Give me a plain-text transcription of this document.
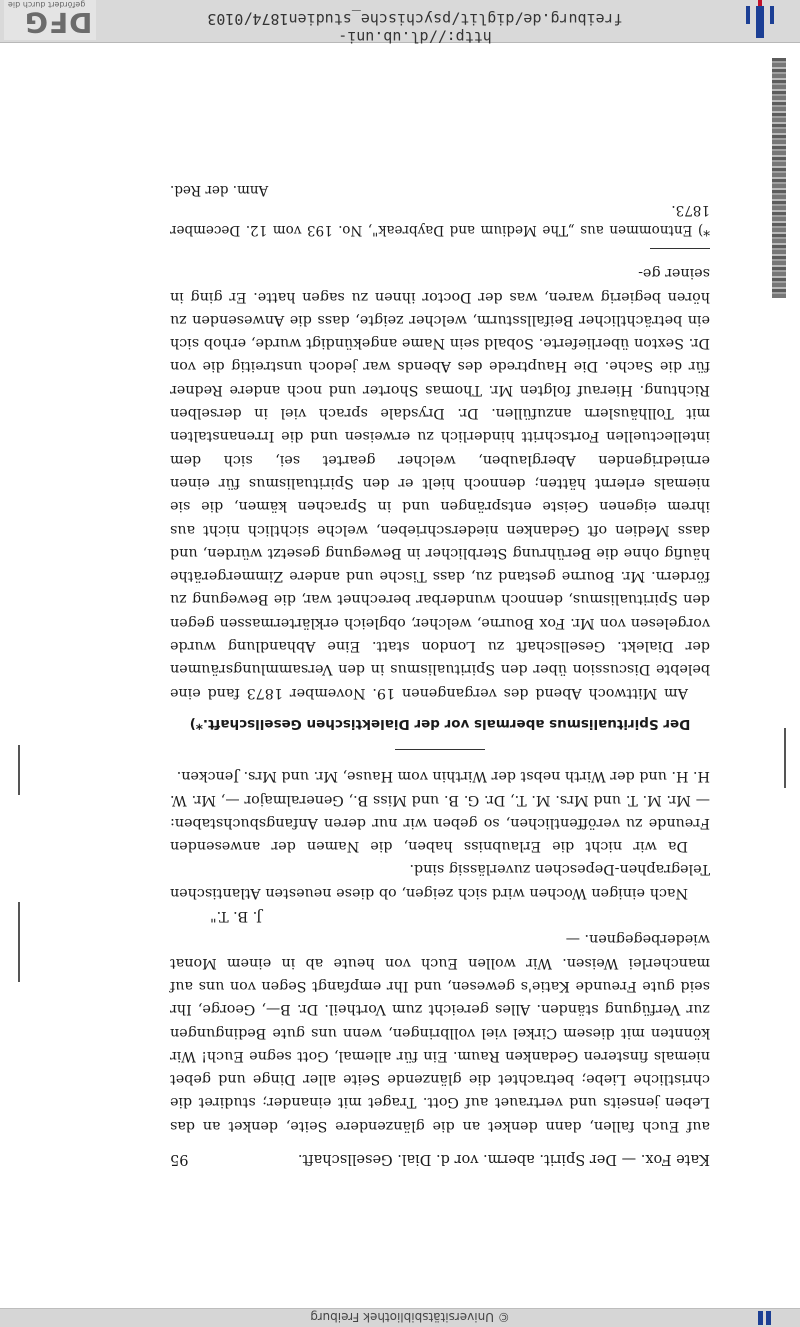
DFG
gefördert durch die
http://dl.ub.uni-freiburg.de/diglit/psychische_studien1874/0103
Kate Fox. — Der Spirit. aberm. vor d. Dial. Gesellschaft.
95
auf Euch fallen, dann denket an die glänzendere Seite, denket an das Leben jenseits und vertrauet auf Gott. Traget mit einander; studiret die christliche Liebe; betrachtet die glänzende Seite aller Dinge und gebet niemals finsteren Gedanken Raum. Ein für allemal, Gott segne Euch! Wir könnten mit diesem Cirkel viel vollbringen, wenn uns gute Bedingungen zur Verfügung ständen. Alles gereicht zum Vortheil. Dr. B—, George, Ihr seid gute Freunde Katie's gewesen, und Ihr empfangt Segen von uns auf mancherlei Weisen. Wir wollen Euch von heute ab in einem Monat wiederbegegnen. —
J. B. T."
Nach einigen Wochen wird sich zeigen, ob diese neuesten Atlantischen Telegraphen-Depeschen zuverlässig sind.
Da wir nicht die Erlaubniss haben, die Namen der anwesenden Freunde zu veröffentlichen, so geben wir nur deren Anfangsbuchstaben: — Mr. M. T. und Mrs. M. T., Dr. G. B. und Miss B., Generalmajor —, Mr. W. H. H. und der Wirth nebst der Wirthin vom Hause, Mr. und Mrs. Jencken.
Der Spiritualismus abermals vor der Dialektischen Gesellschaft.*)
Am Mittwoch Abend des vergangenen 19. November 1873 fand eine belebte Discussion über den Spiritualismus in den Versammlungsräumen der Dialekt. Gesellschaft zu London statt. Eine Abhandlung wurde vorgelesen von Mr. Fox Bourne, welcher, obgleich erklärtermassen gegen den Spiritualismus, dennoch wunderbar berechnet war, die Bewegung zu fördern. Mr. Bourne gestand zu, dass Tische und andere Zimmergeräthe häufig ohne die Berührung Sterblicher in Bewegung gesetzt würden, und dass Medien oft Gedanken niederschrieben, welche sichtlich nicht aus ihrem eigenen Geiste entsprängen und in Sprachen kämen, die sie niemals erlernt hätten; dennoch hielt er den Spiritualismus für einen erniedrigenden Aberglauben, welcher geartet sei, sich dem intellectuellen Fortschritt hinderlich zu erweisen und die Irrenanstalten mit Tollhäuslern anzufüllen. Dr. Drysdale sprach viel in derselben Richtung. Hierauf folgten Mr. Thomas Shorter und noch andere Redner für die Sache. Die Hauptrede des Abends war jedoch unstreitig die von Dr. Sexton überlieferte. Sobald sein Name angekündigt wurde, erhob sich ein beträchtlicher Beifallssturm, welcher zeigte, dass die Anwesenden zu hören begierig waren, was der Doctor ihnen zu sagen hatte. Er ging in seiner ge-
*) Entnommen aus „The Medium and Daybreak", No. 193 vom 12. December 1873.
Anm. der Red.
© Universitätsbibliothek Freiburg
